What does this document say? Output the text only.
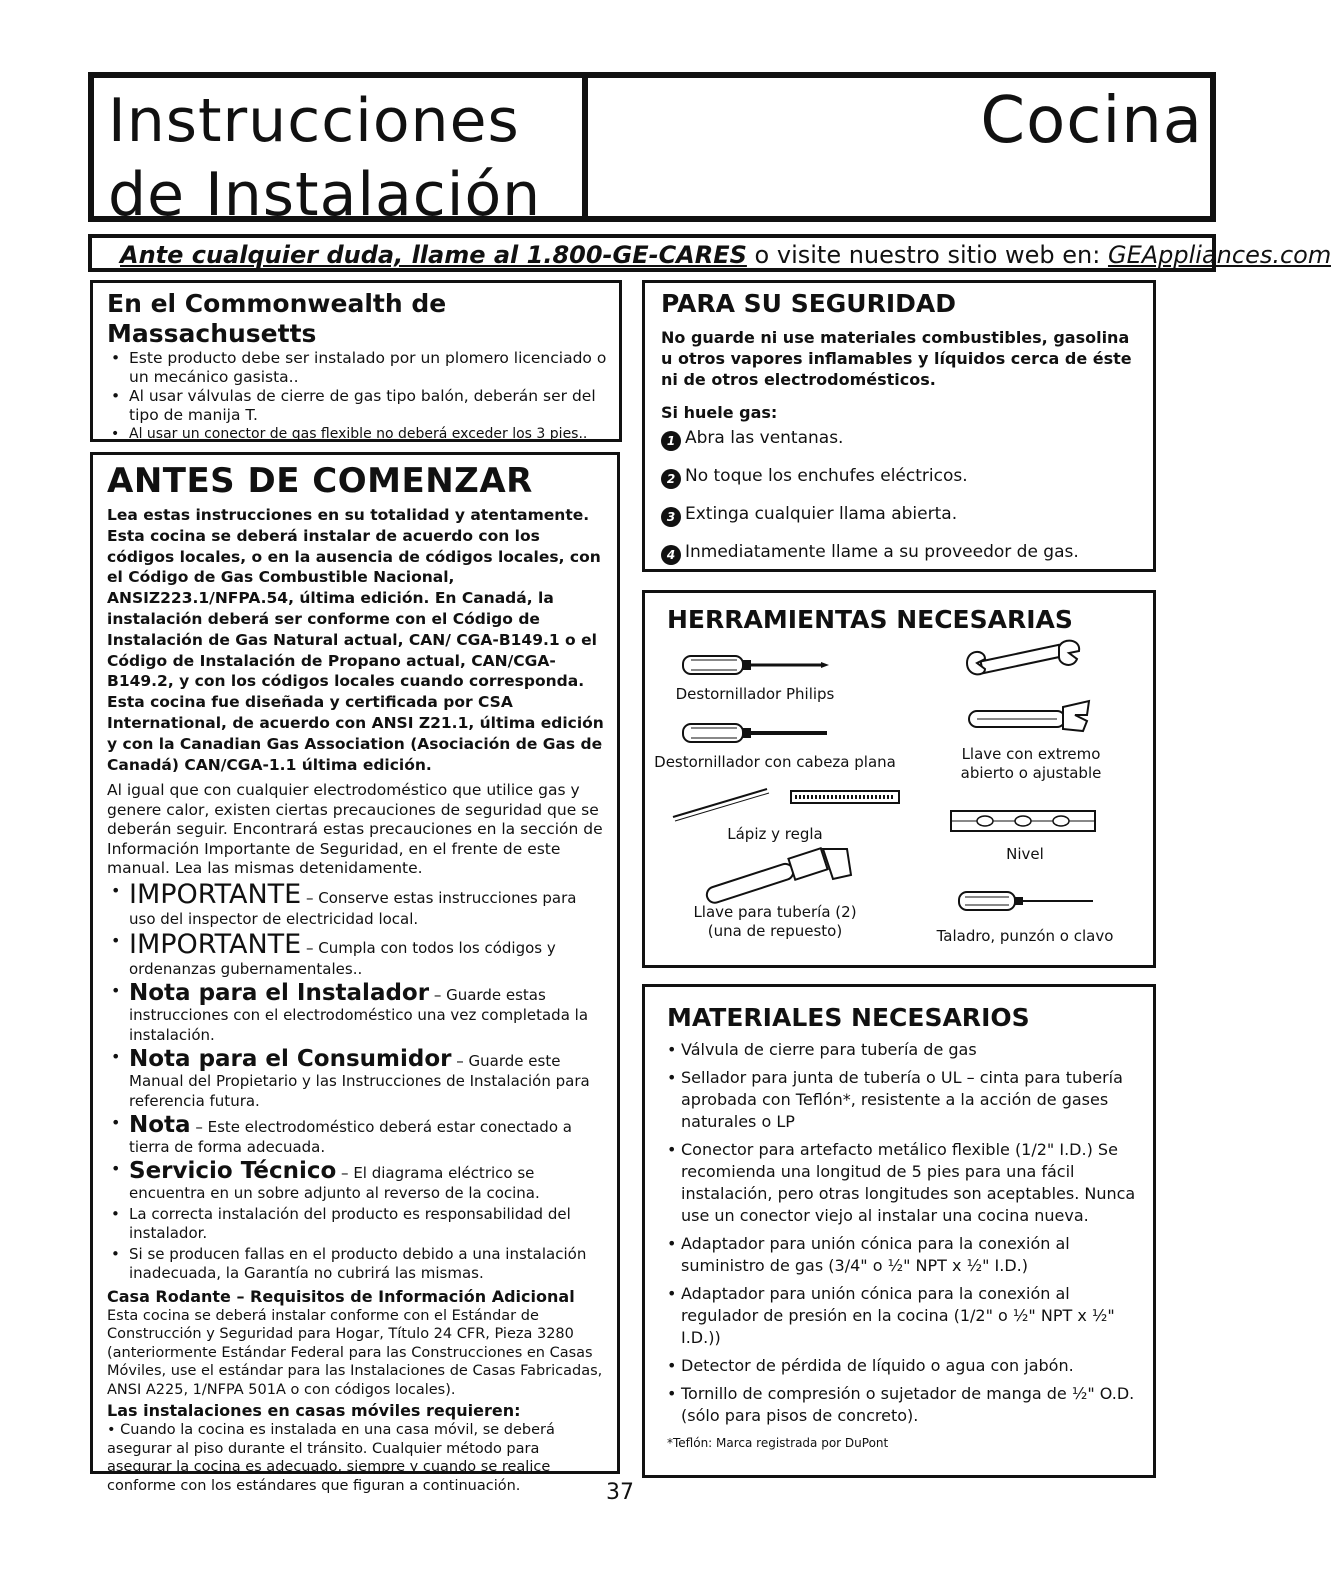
Instrucciones
de Instalación
Cocina
Ante cualquier duda, llame al 1.800-GE-CARES o visite nuestro sitio web en: GEAppliances.com
En el Commonwealth de Massachusetts
• Este producto debe ser instalado por un plomero licenciado o un mecánico gasista..
• Al usar válvulas de cierre de gas tipo balón, deberán ser del tipo de manija T.
• Al usar un conector de gas flexible no deberá exceder los 3 pies..
ANTES DE COMENZAR

Lea estas instrucciones en su totalidad y atentamente. Esta cocina se deberá instalar de acuerdo con los códigos locales, o en la ausencia de códigos locales, con el Código de Gas Combustible Nacional, ANSIZ223.1/NFPA.54, última edición. En Canadá, la instalación deberá ser conforme con el Código de Instalación de Gas Natural actual, CAN/ CGA-B149.1 o el Código de Instalación de Propano actual, CAN/CGA-B149.2, y con los códigos locales cuando corresponda. Esta cocina fue diseñada y certificada por CSA International, de acuerdo con ANSI Z21.1, última edición y con la Canadian Gas Association (Asociación de Gas de Canadá) CAN/CGA-1.1 última edición.

Al igual que con cualquier electrodoméstico que utilice gas y genere calor, existen ciertas precauciones de seguridad que se deberán seguir. Encontrará estas precauciones en la sección de Información Importante de Seguridad, en el frente de este manual. Lea las mismas detenidamente.

• IMPORTANTE – Conserve estas instrucciones para uso del inspector de electricidad local.
• IMPORTANTE – Cumpla con todos los códigos y ordenanzas gubernamentales..
• Nota para el Instalador – Guarde estas instrucciones con el electrodoméstico una vez completada la instalación.
• Nota para el Consumidor – Guarde este Manual del Propietario y las Instrucciones de Instalación para referencia futura.
• Nota – Este electrodoméstico deberá estar conectado a tierra de forma adecuada.
• Servicio Técnico – El diagrama eléctrico se encuentra en un sobre adjunto al reverso de la cocina.
• La correcta instalación del producto es responsabilidad del instalador.
• Si se producen fallas en el producto debido a una instalación inadecuada, la Garantía no cubrirá las mismas.

Casa Rodante – Requisitos de Información Adicional

Esta cocina se deberá instalar conforme con el Estándar de Construcción y Seguridad para Hogar, Título 24 CFR, Pieza 3280 (anteriormente Estándar Federal para las Construcciones en Casas Móviles, use el estándar para las Instalaciones de Casas Fabricadas, ANSI A225, 1/NFPA 501A o con códigos locales).

Las instalaciones en casas móviles requieren:

• Cuando la cocina es instalada en una casa móvil, se deberá asegurar al piso durante el tránsito. Cualquier método para asegurar la cocina es adecuado, siempre y cuando se realice conforme con los estándares que figuran a continuación.

PARA SU SEGURIDAD

No guarde ni use materiales combustibles, gasolina u otros vapores inflamables y líquidos cerca de éste ni de otros electrodomésticos.

Si huele gas:

1 Abra las ventanas.
2 No toque los enchufes eléctricos.
3 Extinga cualquier llama abierta.
4 Inmediatamente llame a su proveedor de gas.
HERRAMIENTAS NECESARIAS
Destornillador Philips
Destornillador con cabeza plana
Lápiz y regla
Llave para tubería (2)
(una de repuesto)
Llave con extremo
abierto o ajustable
Nivel
Taladro, punzón o clavo
MATERIALES NECESARIOS
• Válvula de cierre para tubería de gas
• Sellador para junta de tubería o UL – cinta para tubería aprobada con Teflón*, resistente a la acción de gases naturales o LP
• Conector para artefacto metálico flexible (1/2" I.D.) Se recomienda una longitud de 5 pies para una fácil instalación, pero otras longitudes son aceptables. Nunca use un conector viejo al instalar una cocina nueva.
• Adaptador para unión cónica para la conexión al suministro de gas (3/4" o ½" NPT x ½" I.D.)
• Adaptador para unión cónica para la conexión al regulador de presión en la cocina (1/2" o ½" NPT x ½" I.D.))
• Detector de pérdida de líquido o agua con jabón.
• Tornillo de compresión o sujetador de manga de ½" O.D. (sólo para pisos de concreto).
*Teflón: Marca registrada por DuPont
37
